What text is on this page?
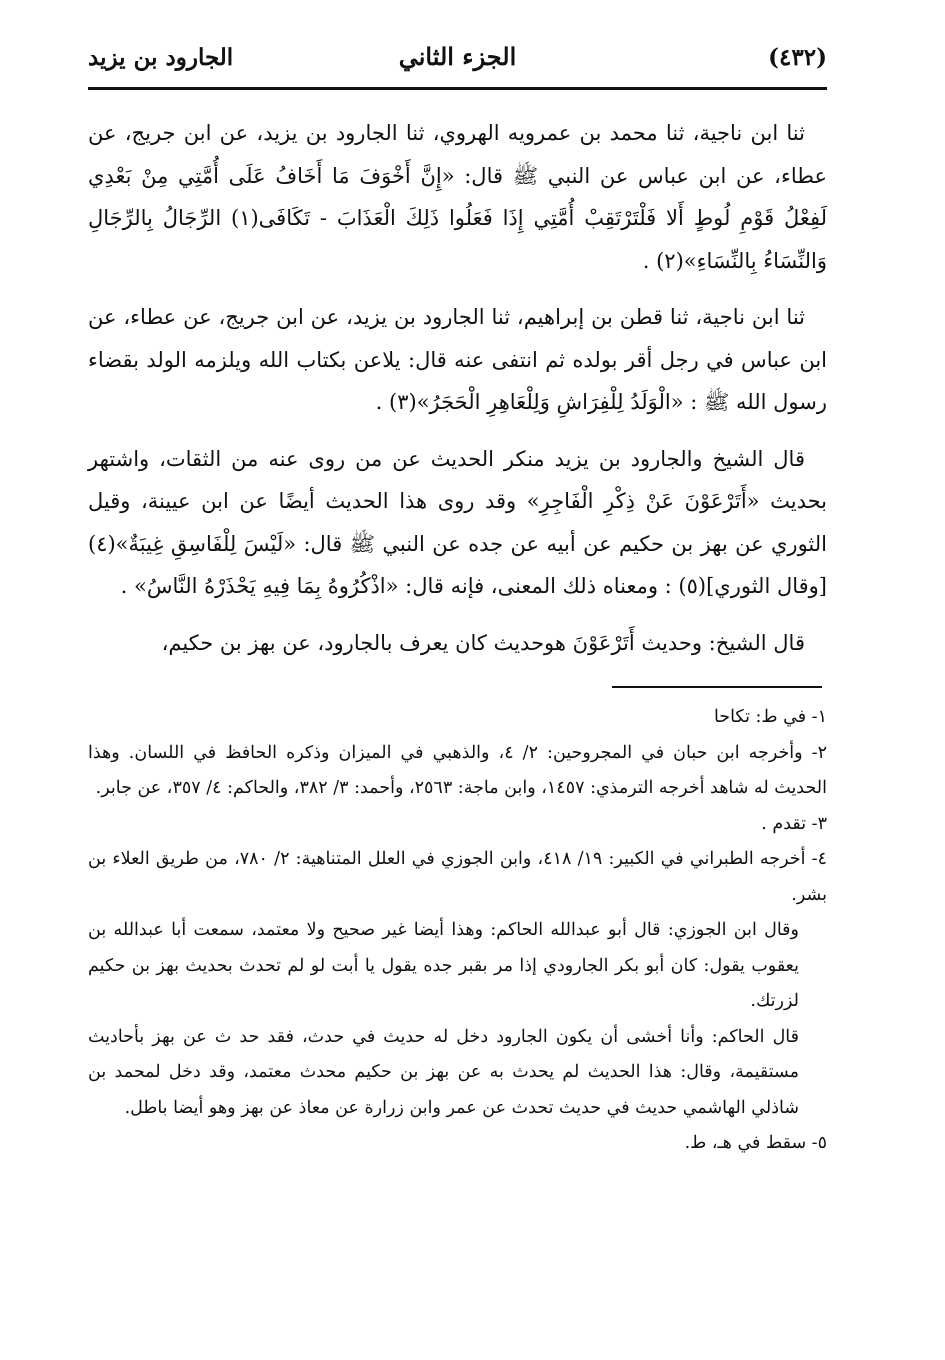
(٤٣٢)
الجزء الثاني
الجارود بن يزيد

ثنا ابن ناجية، ثنا محمد بن عمرويه الهروي، ثنا الجارود بن يزيد، عن ابن جريج، عن عطاء، عن ابن عباس عن النبي ﷺ قال: «إِنَّ أَخْوَفَ مَا أَخَافُ عَلَى أُمَّتِي مِنْ بَعْدِي لَفِعْلُ قَوْمِ لُوطٍ أَلا فَلْتَرْتَقِبْ أُمَّتِي إِذَا فَعَلُوا ذَلِكَ الْعَذَابَ - تَكَافَى(١) الرِّجَالُ بِالرِّجَالِ وَالنِّسَاءُ بِالنِّسَاءِ»(٢) .

ثنا ابن ناجية، ثنا قطن بن إبراهيم، ثنا الجارود بن يزيد، عن ابن جريج، عن عطاء، عن ابن عباس في رجل أقر بولده ثم انتفى عنه قال: يلاعن بكتاب الله ويلزمه الولد بقضاء رسول الله ﷺ : «الْوَلَدُ لِلْفِرَاشِ وَلِلْعَاهِرِ الْحَجَرُ»(٣) .

قال الشيخ والجارود بن يزيد منكر الحديث عن من روى عنه من الثقات، واشتهر بحديث «أَتَرْعَوْنَ عَنْ ذِكْرِ الْفَاجِرِ» وقد روى هذا الحديث أيضًا عن ابن عيينة، وقيل الثوري عن بهز بن حكيم عن أبيه عن جده عن النبي ﷺ قال: «لَيْسَ لِلْفَاسِقِ غِيبَةٌ»(٤) [وقال الثوري](٥) : ومعناه ذلك المعنى، فإنه قال: «اذْكُرُوهُ بِمَا فِيهِ يَحْذَرْهُ النَّاسُ» .

قال الشيخ: وحديث أَتَرْعَوْنَ هوحديث كان يعرف بالجارود، عن بهز بن حكيم،

١- في ط: تكاحا

٢- وأخرجه ابن حبان في المجروحين: ٢/ ٤، والذهبي في الميزان وذكره الحافظ في اللسان. وهذا الحديث له شاهد أخرجه الترمذي: ١٤٥٧، وابن ماجة: ٢٥٦٣، وأحمد: ٣/ ٣٨٢، والحاكم: ٤/ ٣٥٧، عن جابر.

٣- تقدم .

٤- أخرجه الطبراني في الكبير: ١٩/ ٤١٨، وابن الجوزي في العلل المتناهية: ٢/ ٧٨٠، من طريق العلاء بن بشر.

وقال ابن الجوزي: قال أبو عبدالله الحاكم: وهذا أيضا غير صحيح ولا معتمد، سمعت أبا عبدالله بن يعقوب يقول: كان أبو بكر الجارودي إذا مر بقبر جده يقول يا أبت لو لم تحدث بحديث بهز بن حكيم لزرتك.

قال الحاكم: وأنا أخشى أن يكون الجارود دخل له حديث في حدث، فقد حد ث عن بهز بأحاديث مستقيمة، وقال: هذا الحديث لم يحدث به عن بهز بن حكيم محدث معتمد، وقد دخل لمحمد بن شاذلي الهاشمي حديث في حديث تحدث عن عمر وابن زرارة عن معاذ عن بهز وهو أيضا باطل.

٥- سقط في هـ، ط.
